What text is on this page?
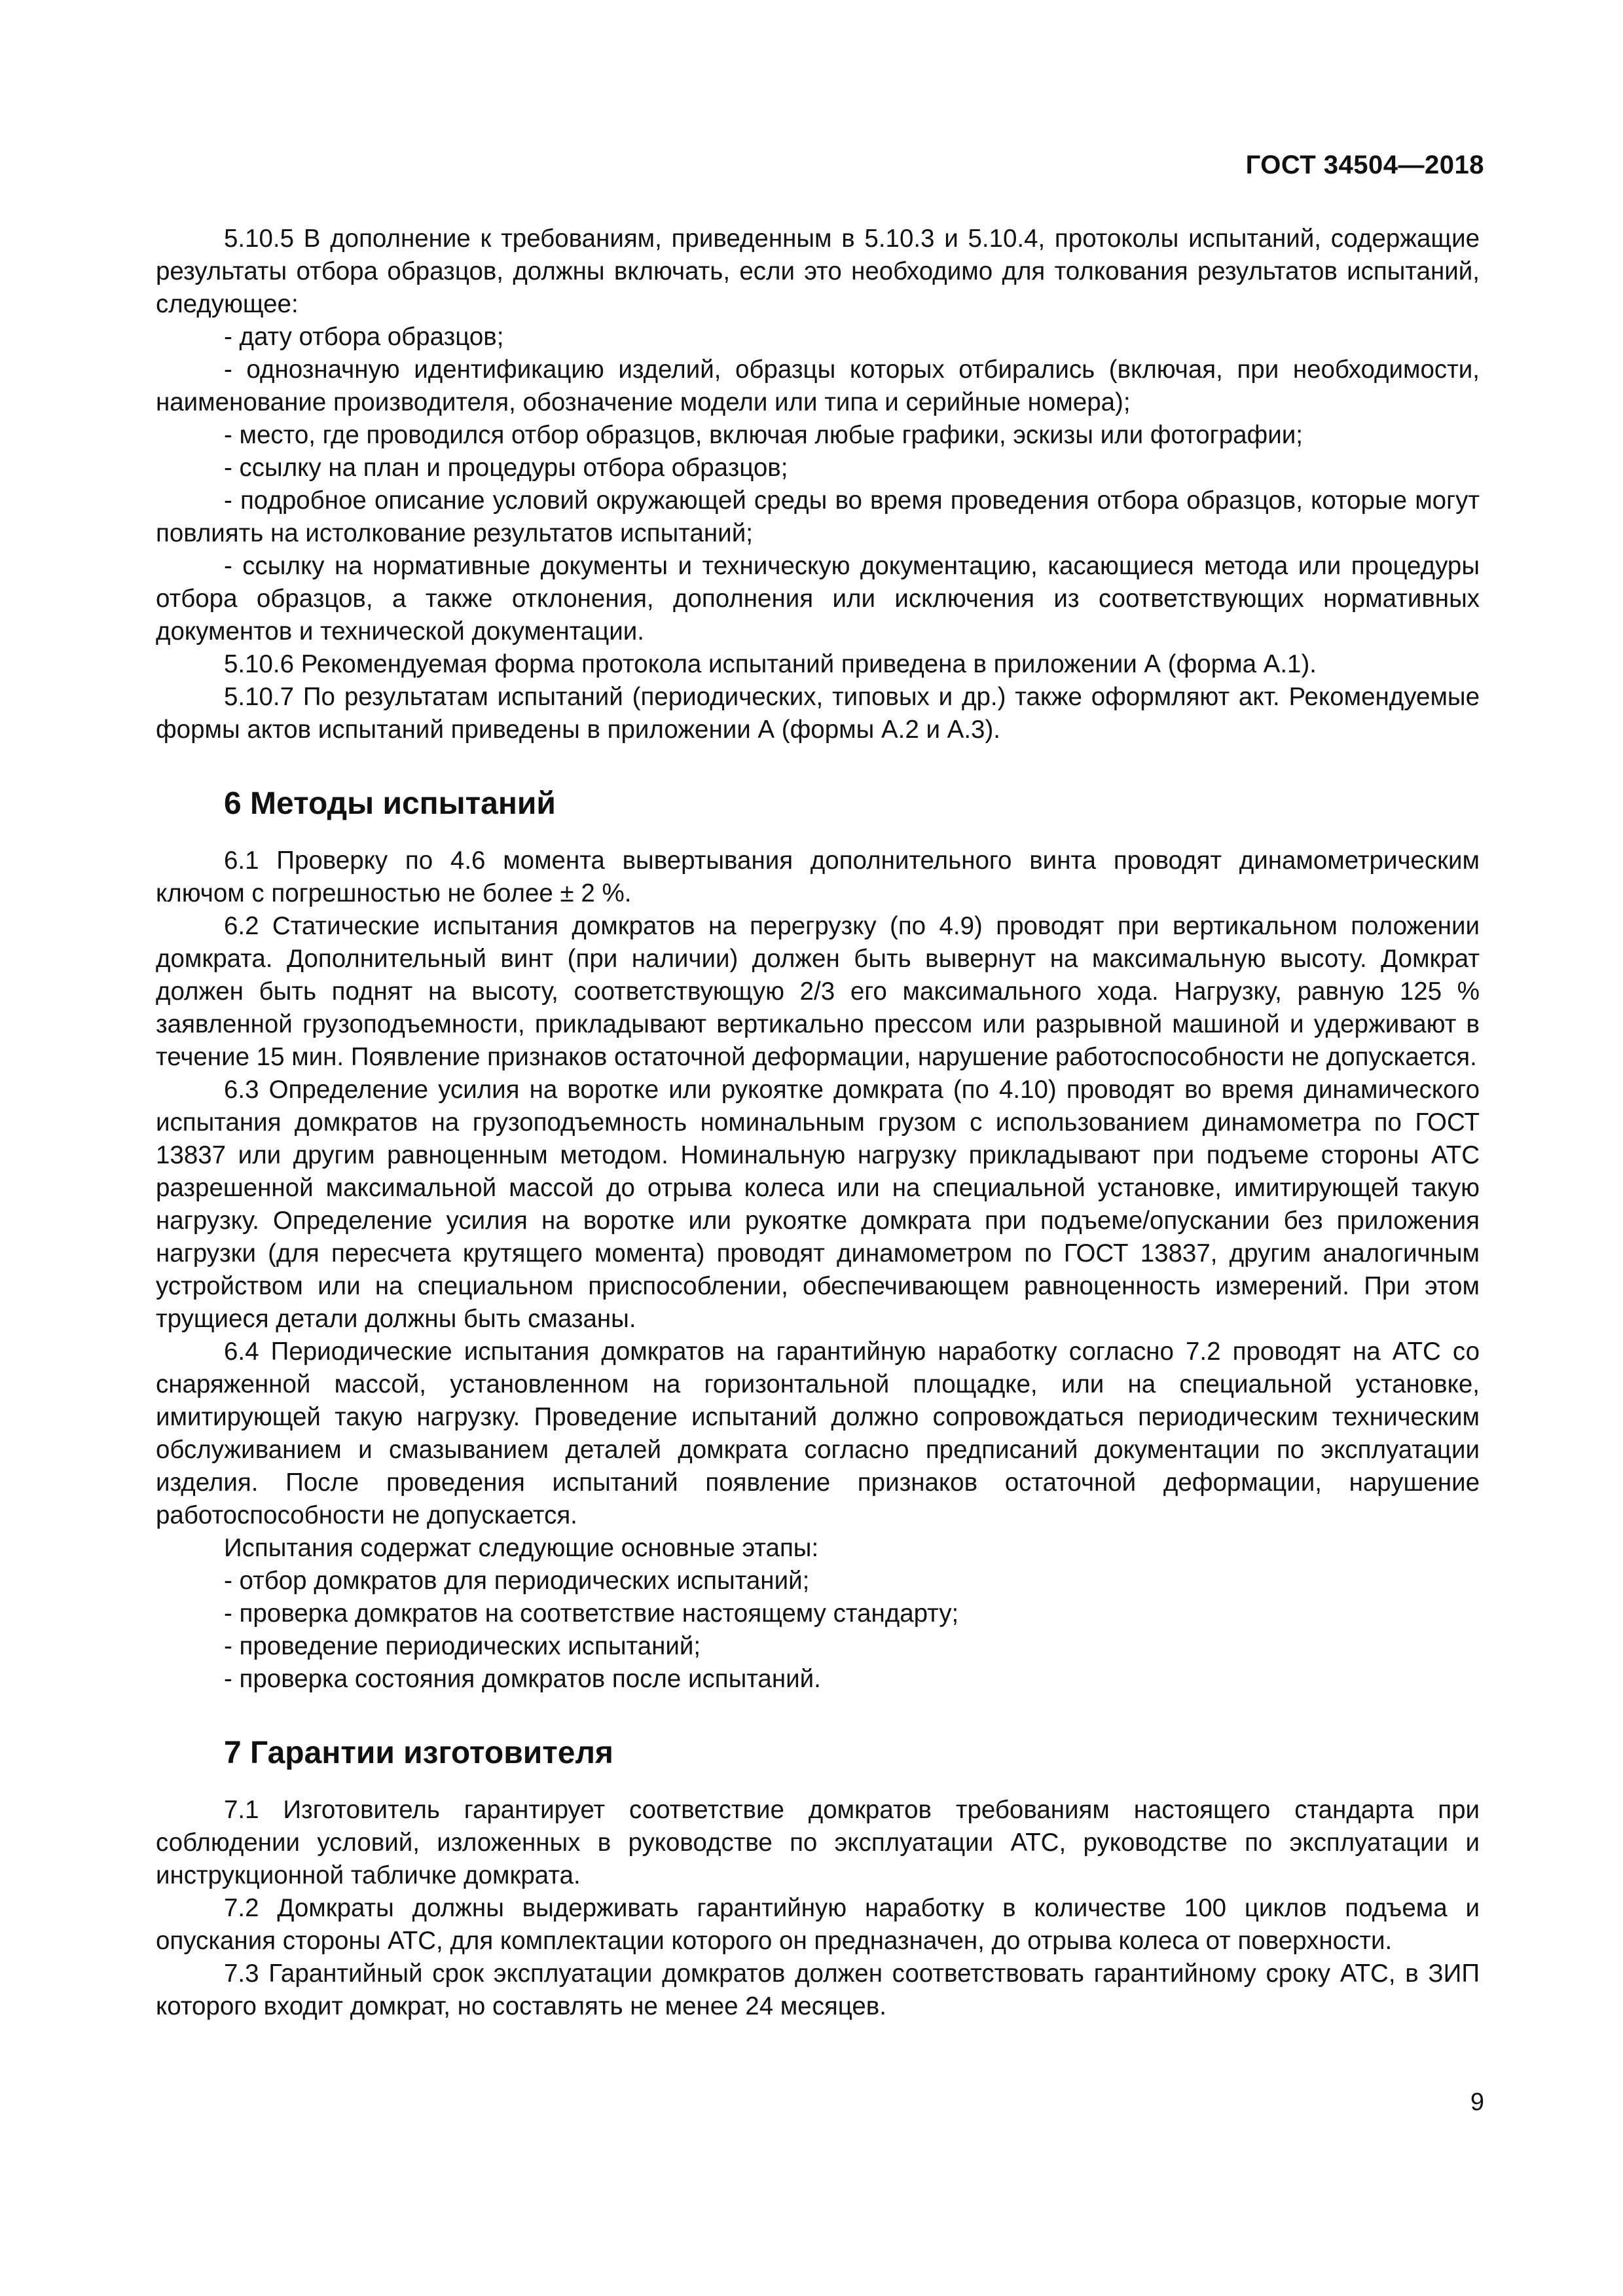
ГОСТ 34504—2018

5.10.5 В дополнение к требованиям, приведенным в 5.10.3 и 5.10.4, протоколы испытаний, содержащие результаты отбора образцов, должны включать, если это необходимо для толкования результатов испытаний, следующее:

- дату отбора образцов;

- однозначную идентификацию изделий, образцы которых отбирались (включая, при необходимости, наименование производителя, обозначение модели или типа и серийные номера);

- место, где проводился отбор образцов, включая любые графики, эскизы или фотографии;

- ссылку на план и процедуры отбора образцов;

- подробное описание условий окружающей среды во время проведения отбора образцов, которые могут повлиять на истолкование результатов испытаний;

- ссылку на нормативные документы и техническую документацию, касающиеся метода или процедуры отбора образцов, а также отклонения, дополнения или исключения из соответствующих нормативных документов и технической документации.

5.10.6 Рекомендуемая форма протокола испытаний приведена в приложении А (форма А.1).

5.10.7 По результатам испытаний (периодических, типовых и др.) также оформляют акт. Рекомендуемые формы актов испытаний приведены в приложении А (формы А.2 и А.3).

6 Методы испытаний

6.1 Проверку по 4.6 момента вывертывания дополнительного винта проводят динамометрическим ключом с погрешностью не более ± 2 %.

6.2 Статические испытания домкратов на перегрузку (по 4.9) проводят при вертикальном положении домкрата. Дополнительный винт (при наличии) должен быть вывернут на максимальную высоту. Домкрат должен быть поднят на высоту, соответствующую 2/3 его максимального хода. Нагрузку, равную 125 % заявленной грузоподъемности, прикладывают вертикально прессом или разрывной машиной и удерживают в течение 15 мин. Появление признаков остаточной деформации, нарушение работоспособности не допускается.

6.3 Определение усилия на воротке или рукоятке домкрата (по 4.10) проводят во время динамического испытания домкратов на грузоподъемность номинальным грузом с использованием динамометра по ГОСТ 13837 или другим равноценным методом. Номинальную нагрузку прикладывают при подъеме стороны АТС разрешенной максимальной массой до отрыва колеса или на специальной установке, имитирующей такую нагрузку. Определение усилия на воротке или рукоятке домкрата при подъеме/опускании без приложения нагрузки (для пересчета крутящего момента) проводят динамометром по ГОСТ 13837, другим аналогичным устройством или на специальном приспособлении, обеспечивающем равноценность измерений. При этом трущиеся детали должны быть смазаны.

6.4 Периодические испытания домкратов на гарантийную наработку согласно 7.2 проводят на АТС со снаряженной массой, установленном на горизонтальной площадке, или на специальной установке, имитирующей такую нагрузку. Проведение испытаний должно сопровождаться периодическим техническим обслуживанием и смазыванием деталей домкрата согласно предписаний документации по эксплуатации изделия. После проведения испытаний появление признаков остаточной деформации, нарушение работоспособности не допускается.

Испытания содержат следующие основные этапы:

- отбор домкратов для периодических испытаний;

- проверка домкратов на соответствие настоящему стандарту;

- проведение периодических испытаний;

- проверка состояния домкратов после испытаний.

7 Гарантии изготовителя

7.1 Изготовитель гарантирует соответствие домкратов требованиям настоящего стандарта при соблюдении условий, изложенных в руководстве по эксплуатации АТС, руководстве по эксплуатации и инструкционной табличке домкрата.

7.2 Домкраты должны выдерживать гарантийную наработку в количестве 100 циклов подъема и опускания стороны АТС, для комплектации которого он предназначен, до отрыва колеса от поверхности.

7.3 Гарантийный срок эксплуатации домкратов должен соответствовать гарантийному сроку АТС, в ЗИП которого входит домкрат, но составлять не менее 24 месяцев.

9
